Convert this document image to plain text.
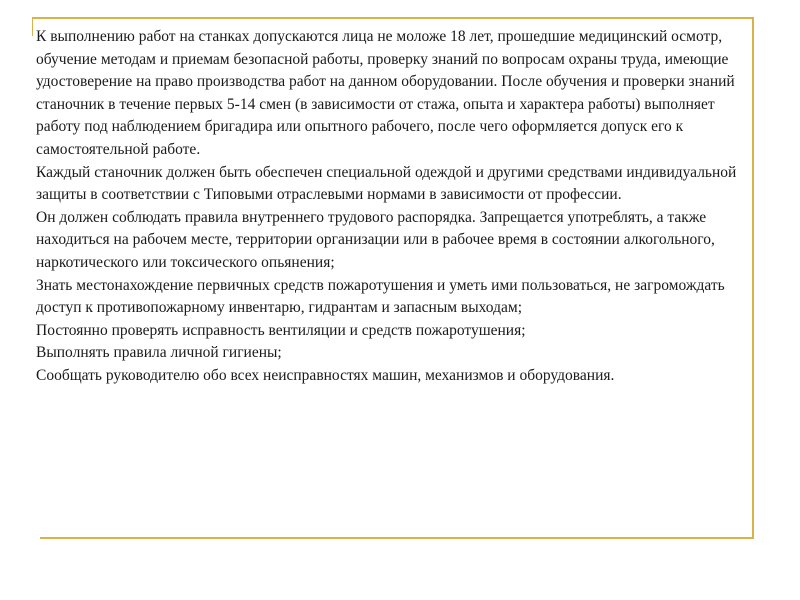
К выполнению работ на станках допускаются лица не моложе 18 лет, прошедшие медицинский осмотр, обучение методам и приемам безопасной работы, проверку знаний по вопросам охраны труда, имеющие удостоверение на право производства работ на данном оборудовании. После обучения и проверки знаний станочник в течение первых 5-14 смен (в зависимости от стажа, опыта и характера работы) выполняет работу под наблюдением бригадира или опытного рабочего, после чего оформляется допуск его к самостоятельной работе.

Каждый станочник должен быть обеспечен специальной одеждой и другими средствами индивидуальной защиты в соответствии с Типовыми отраслевыми нормами в зависимости от профессии.

Он должен соблюдать правила внутреннего трудового распорядка. Запрещается употреблять, а также находиться на рабочем месте, территории организации или в рабочее время в состоянии алкогольного, наркотического или токсического опьянения;

Знать местонахождение первичных средств пожаротушения и уметь ими пользоваться, не загромождать доступ к противопожарному инвентарю, гидрантам и запасным выходам;

Постоянно проверять исправность вентиляции и средств пожаротушения;

Выполнять правила личной гигиены;

Сообщать руководителю обо всех неисправностях машин, механизмов и оборудования.
